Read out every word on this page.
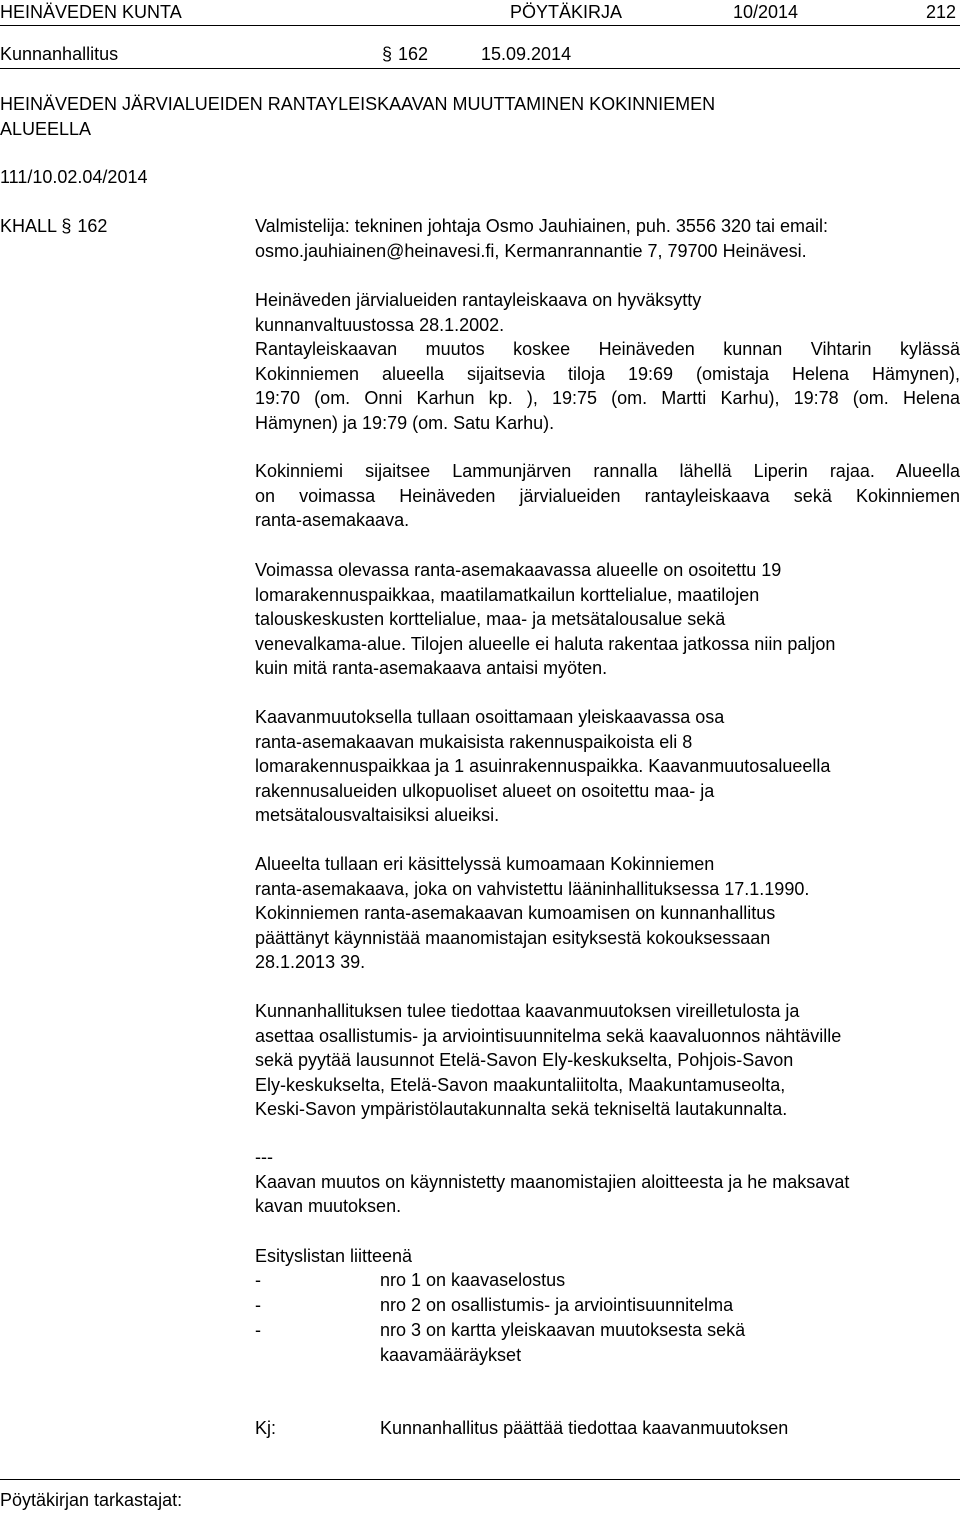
HEINÄVEDEN KUNTA	PÖYTÄKIRJA	10/2014	212
Kunnanhallitus	§ 162	15.09.2014
HEINÄVEDEN JÄRVIALUEIDEN RANTAYLEISKAAVAN MUUTTAMINEN KOKINNIEMEN
ALUEELLA
111/10.02.04/2014
KHALL § 162	Valmistelija: tekninen johtaja Osmo Jauhiainen, puh. 3556 320 tai email:
osmo.jauhiainen@heinavesi.fi, Kermanrannantie 7, 79700 Heinävesi.
Heinäveden järvialueiden rantayleiskaava on hyväksytty
kunnanvaltuustossa 28.1.2002.
Rantayleiskaavan muutos koskee Heinäveden kunnan Vihtarin kylässä
Kokinniemen alueella sijaitsevia tiloja 19:69 (omistaja Helena Hämynen),
19:70 (om. Onni Karhun kp. ), 19:75 (om. Martti Karhu), 19:78 (om. Helena
Hämynen) ja 19:79 (om. Satu Karhu).
Kokinniemi sijaitsee Lammunjärven rannalla lähellä Liperin rajaa. Alueella
on voimassa Heinäveden järvialueiden rantayleiskaava sekä Kokinniemen
ranta-asemakaava.
Voimassa olevassa ranta-asemakaavassa alueelle on osoitettu 19
lomarakennuspaikkaa, maatilamatkailun korttelialue, maatilojen
talouskeskusten korttelialue, maa- ja metsätalousalue sekä
venevalkama-alue. Tilojen alueelle ei haluta rakentaa jatkossa niin paljon
kuin mitä ranta-asemakaava antaisi myöten.
Kaavanmuutoksella tullaan osoittamaan yleiskaavassa osa
ranta-asemakaavan mukaisista rakennuspaikoista eli 8
lomarakennuspaikkaa ja 1 asuinrakennuspaikka. Kaavanmuutosalueella
rakennusalueiden ulkopuoliset alueet on osoitettu maa- ja
metsätalousvaltaisiksi alueiksi.
Alueelta tullaan eri käsittelyssä kumoamaan Kokinniemen
ranta-asemakaava, joka on vahvistettu lääninhallituksessa 17.1.1990.
Kokinniemen ranta-asemakaavan kumoamisen on kunnanhallitus
päättänyt käynnistää maanomistajan esityksestä kokouksessaan
28.1.2013 39.
Kunnanhallituksen tulee tiedottaa kaavanmuutoksen vireilletulosta ja
asettaa osallistumis- ja arviointisuunnitelma sekä kaavaluonnos nähtäville
sekä pyytää lausunnot Etelä-Savon Ely-keskukselta, Pohjois-Savon
Ely-keskukselta, Etelä-Savon maakuntaliitolta, Maakuntamuseolta,
Keski-Savon ympäristölautakunnalta sekä tekniseltä lautakunnalta.
---
Kaavan muutos on käynnistetty maanomistajien aloitteesta ja he maksavat
kavan muutoksen.
Esityslistan liitteenä
-	nro 1 on kaavaselostus
-	nro 2 on osallistumis- ja arviointisuunnitelma
-	nro 3 on kartta yleiskaavan muutoksesta sekä
kaavamääräykset
Kj:	Kunnanhallitus päättää tiedottaa kaavanmuutoksen
Pöytäkirjan tarkastajat:
